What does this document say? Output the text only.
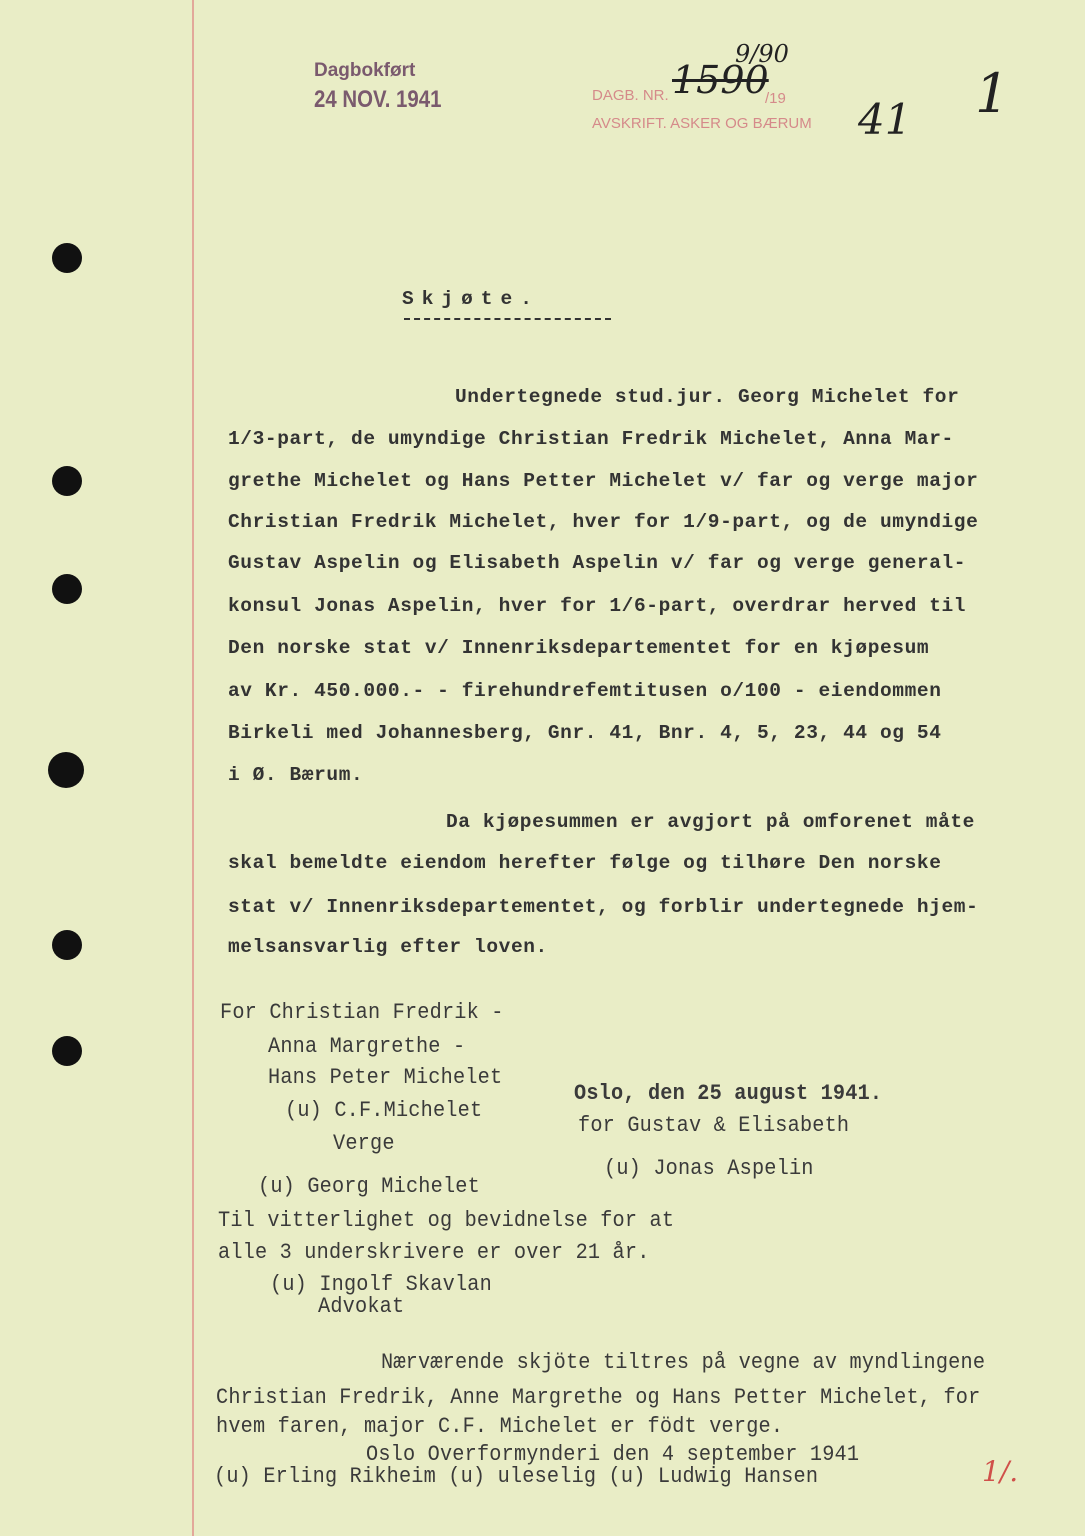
Dagbokført
24 NOV. 1941	DAGB. NR. 1590
9/90
/19
AVSKRIFT. ASKER OG BÆRUM 41 1
Skjøte.
Undertegnede stud.jur. Georg Michelet for
1/3-part, de umyndige Christian Fredrik Michelet, Anna Mar-
grethe Michelet og Hans Petter Michelet v/ far og verge major
Christian Fredrik Michelet, hver for 1/9-part, og de umyndige
Gustav Aspelin og Elisabeth Aspelin v/ far og verge general-
konsul Jonas Aspelin, hver for 1/6-part, overdrar herved til
Den norske stat v/ Innenriksdepartementet for en kjøpesum
av Kr. 450.000.- - firehundrefemtitusen o/100 - eiendommen
Birkeli med Johannesberg, Gnr. 41, Bnr. 4, 5, 23, 44 og 54
i Ø. Bærum.
Da kjøpesummen er avgjort på omforenet måte
skal bemeldte eiendom herefter følge og tilhøre Den norske
stat v/ Innenriksdepartementet, og forblir undertegnede hjem-
melsansvarlig efter loven.
For Christian Fredrik -
Anna Margrethe -
Hans Peter Michelet
(u) C.F.Michelet
Verge
(u) Georg Michelet
Oslo, den 25 august 1941.
for Gustav & Elisabeth
(u) Jonas Aspelin
Til vitterlighet og bevidnelse for at
alle 3 underskrivere er over 21 år.
(u) Ingolf Skavlan
Advokat
Nærværende skjöte tiltres på vegne av myndlingene
Christian Fredrik, Anne Margrethe og Hans Petter Michelet, for
hvem faren, major C.F. Michelet er födt verge.
Oslo Overformynderi den 4 september 1941
(u) Erling Rikheim (u) uleselig (u) Ludwig Hansen	1/.
